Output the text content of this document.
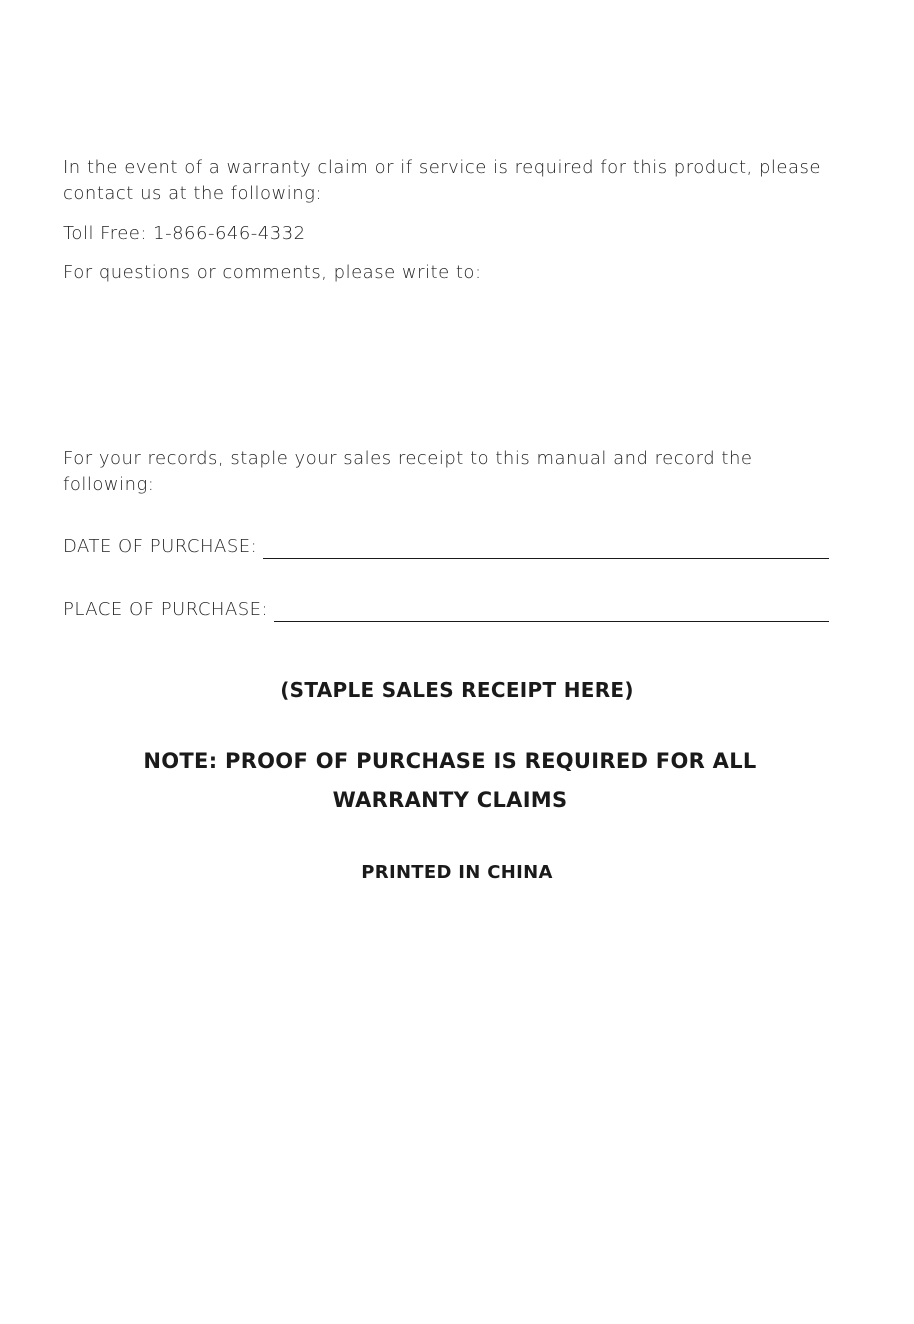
In the event of a warranty claim or if service is required for this product, please contact us at the following:

Toll Free: 1-866-646-4332

For questions or comments, please write to:

For your records, staple your sales receipt to this manual and record the following:

DATE OF PURCHASE:
PLACE OF PURCHASE:

(STAPLE SALES RECEIPT HERE)

NOTE: PROOF OF PURCHASE IS REQUIRED FOR ALL WARRANTY CLAIMS

PRINTED IN CHINA
